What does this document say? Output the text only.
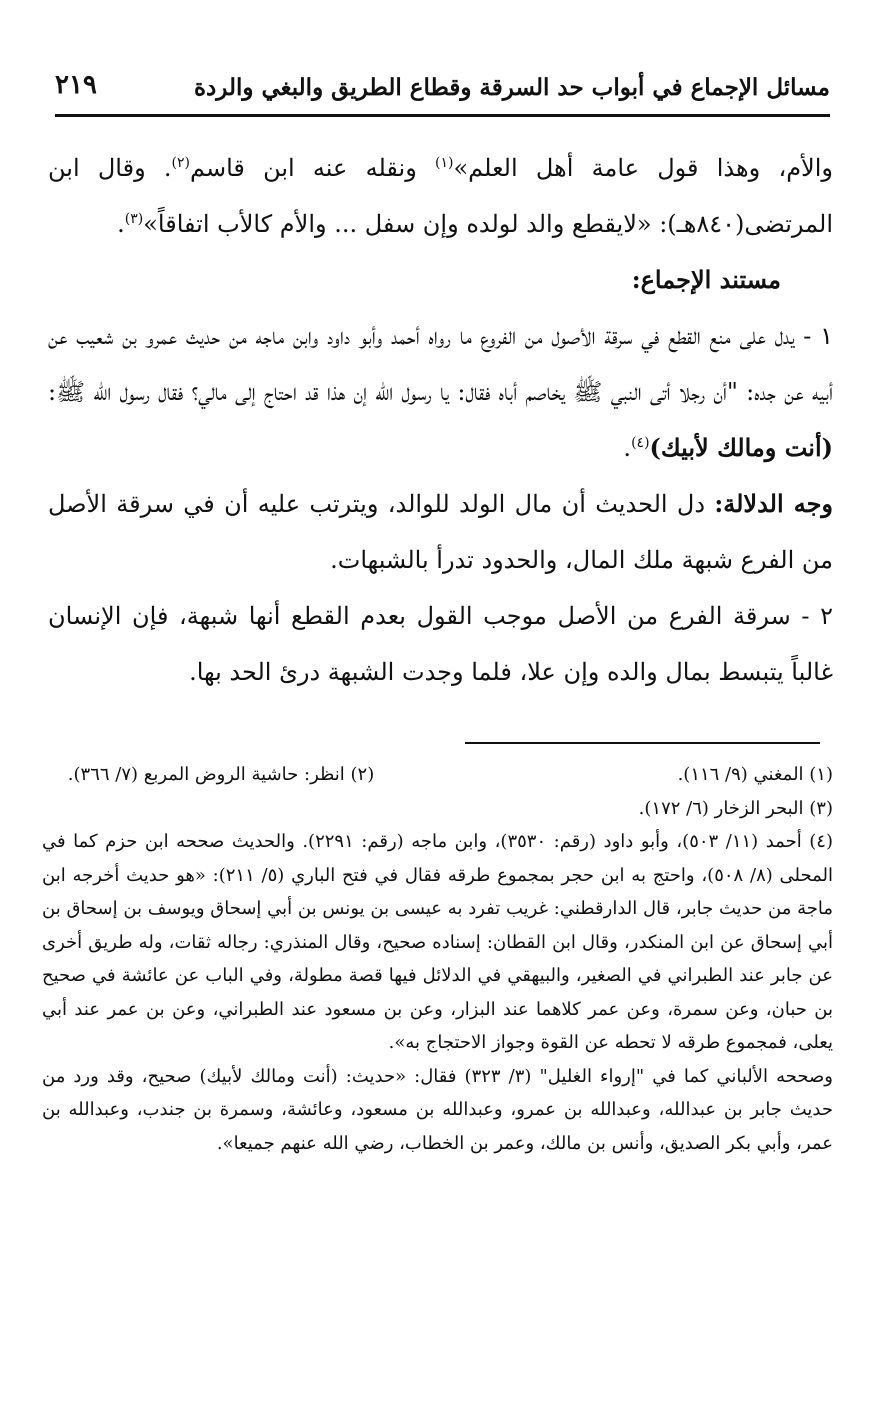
مسائل الإجماع في أبواب حد السرقة وقطاع الطريق والبغي والردة
٢١٩

والأم، وهذا قول عامة أهل العلم»$^{(١)}$ ونقله عنه ابن قاسم$^{(٢)}$. وقال ابن المرتضى(٨٤٠هـ): «لايقطع والد لولده وإن سفل ... والأم كالأب اتفاقاً»$^{(٣)}$.

مستند الإجماع:

١ - يدل على منع القطع في سرقة الأصول من الفروع ما رواه أحمد وأبو داود وابن ماجه من حديث عمرو بن شعيب عن أبيه عن جده: "أن رجلا أتى النبي ﷺ يخاصم أباه فقال: يا رسول الله إن هذا قد احتاج إلى مالي؟ فقال رسول الله ﷺ: (أنت ومالك لأبيك)$^{(٤)}$.

وجه الدلالة: دل الحديث أن مال الولد للوالد، ويترتب عليه أن في سرقة الأصل من الفرع شبهة ملك المال، والحدود تدرأ بالشبهات.

٢ - سرقة الفرع من الأصل موجب القول بعدم القطع أنها شبهة، فإن الإنسان غالباً يتبسط بمال والده وإن علا، فلما وجدت الشبهة درئ الحد بها.

(١) المغني (٩/ ١١٦).
(٢) انظر: حاشية الروض المربع (٧/ ٣٦٦).

(٣) البحر الزخار (٦/ ١٧٢).

(٤) أحمد (١١/ ٥٠٣)، وأبو داود (رقم: ٣٥٣٠)، وابن ماجه (رقم: ٢٢٩١). والحديث صححه ابن حزم كما في المحلى (٨/ ٥٠٨)، واحتج به ابن حجر بمجموع طرقه فقال في فتح الباري (٥/ ٢١١): «هو حديث أخرجه ابن ماجة من حديث جابر، قال الدارقطني: غريب تفرد به عيسى بن يونس بن أبي إسحاق ويوسف بن إسحاق بن أبي إسحاق عن ابن المنكدر، وقال ابن القطان: إسناده صحيح، وقال المنذري: رجاله ثقات، وله طريق أخرى عن جابر عند الطبراني في الصغير، والبيهقي في الدلائل فيها قصة مطولة، وفي الباب عن عائشة في صحيح بن حبان، وعن سمرة، وعن عمر كلاهما عند البزار، وعن بن مسعود عند الطبراني، وعن بن عمر عند أبي يعلى، فمجموع طرقه لا تحطه عن القوة وجواز الاحتجاج به».

وصححه الألباني كما في "إرواء الغليل" (٣/ ٣٢٣) فقال: «حديث: (أنت ومالك لأبيك) صحيح، وقد ورد من حديث جابر بن عبدالله، وعبدالله بن عمرو، وعبدالله بن مسعود، وعائشة، وسمرة بن جندب، وعبدالله بن عمر، وأبي بكر الصديق، وأنس بن مالك، وعمر بن الخطاب، رضي الله عنهم جميعا».
